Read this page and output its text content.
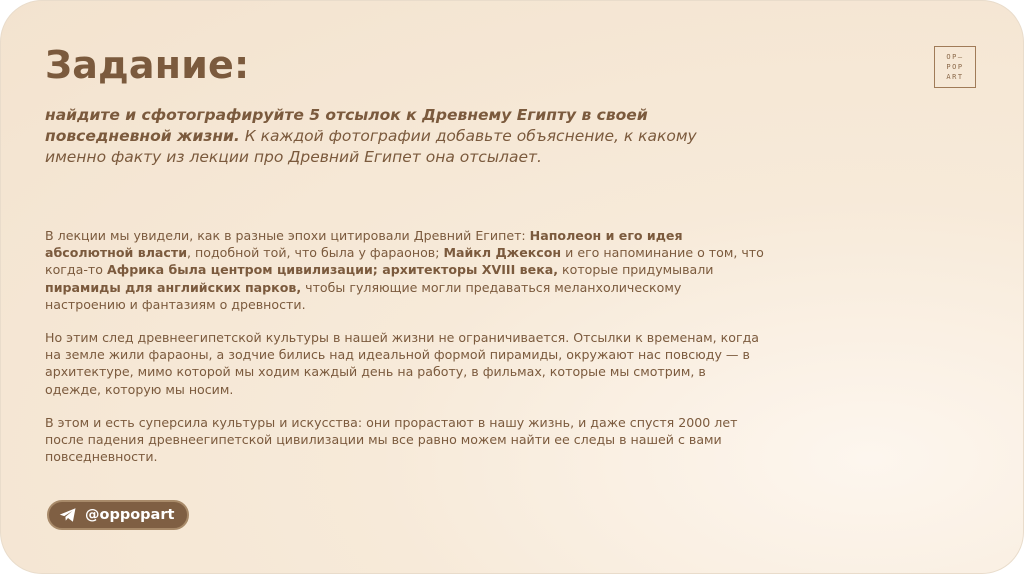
Задание:

найдите и сфотографируйте 5 отсылок к Древнему Египту в своей повседневной жизни. К каждой фотографии добавьте объяснение, к какому именно факту из лекции про Древний Египет она отсылает.

В лекции мы увидели, как в разные эпохи цитировали Древний Египет: Наполеон и его идея абсолютной власти, подобной той, что была у фараонов; Майкл Джексон и его напоминание о том, что когда-то Африка была центром цивилизации; архитекторы XVIII века, которые придумывали пирамиды для английских парков, чтобы гуляющие могли предаваться меланхолическому настроению и фантазиям о древности.

Но этим след древнеегипетской культуры в нашей жизни не ограничивается. Отсылки к временам, когда на земле жили фараоны, а зодчие бились над идеальной формой пирамиды, окружают нас повсюду — в архитектуре, мимо которой мы ходим каждый день на работу, в фильмах, которые мы смотрим, в одежде, которую мы носим.

В этом и есть суперсила культуры и искусства: они прорастают в нашу жизнь, и даже спустя 2000 лет после падения древнеегипетской цивилизации мы все равно можем найти ее следы в нашей с вами повседневности.

OP–
POP
ART
@oppopart
